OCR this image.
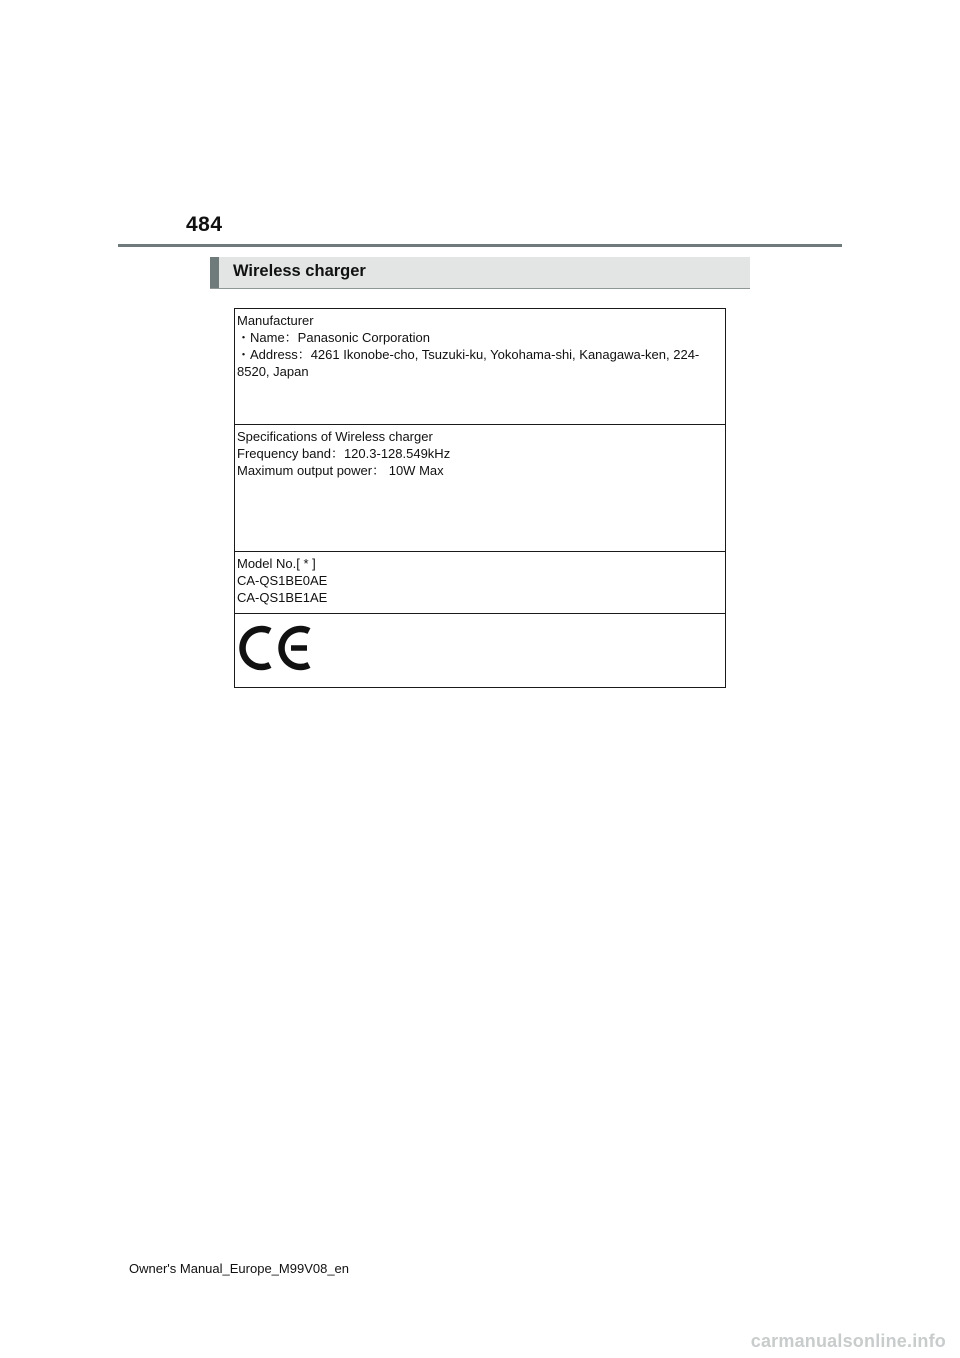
484
Wireless charger
Manufacturer
・Name：Panasonic Corporation
・Address：4261 Ikonobe-cho, Tsuzuki-ku, Yokohama-shi, Kanagawa-ken, 224-8520, Japan

Specifications of Wireless charger
Frequency band：120.3-128.549kHz
Maximum output power： 10W Max

Model No.[ * ]
CA-QS1BE0AE
CA-QS1BE1AE

Owner's Manual_Europe_M99V08_en
carmanualsonline.info
